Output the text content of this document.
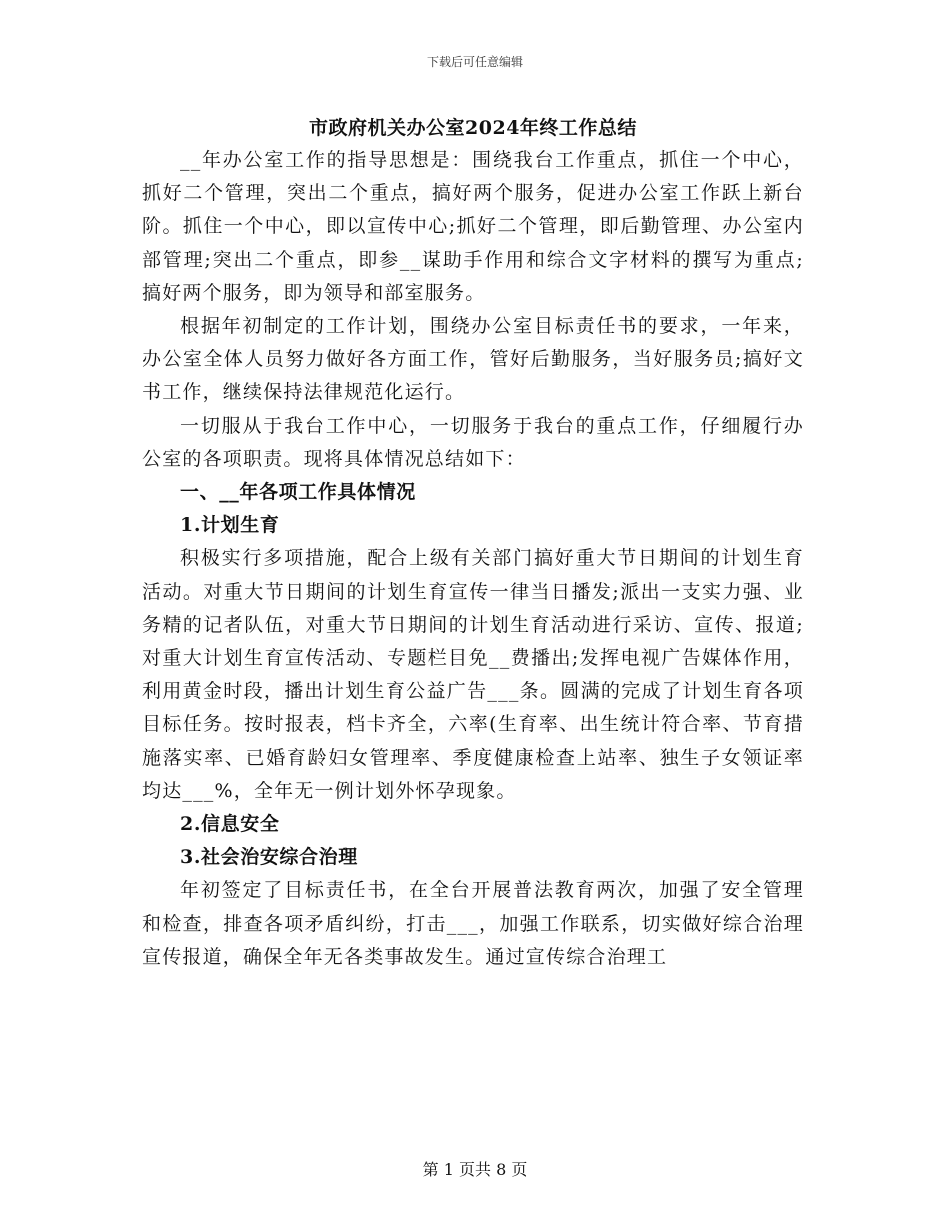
下载后可任意编辑
市政府机关办公室2024年终工作总结

__年办公室工作的指导思想是：围绕我台工作重点，抓住一个中心，抓好二个管理，突出二个重点，搞好两个服务，促进办公室工作跃上新台阶。抓住一个中心，即以宣传中心;抓好二个管理，即后勤管理、办公室内部管理;突出二个重点，即参__谋助手作用和综合文字材料的撰写为重点;搞好两个服务，即为领导和部室服务。

根据年初制定的工作计划，围绕办公室目标责任书的要求，一年来，办公室全体人员努力做好各方面工作，管好后勤服务，当好服务员;搞好文书工作，继续保持法律规范化运行。

一切服从于我台工作中心，一切服务于我台的重点工作，仔细履行办公室的各项职责。现将具体情况总结如下：

一、__年各项工作具体情况

1.计划生育

积极实行多项措施，配合上级有关部门搞好重大节日期间的计划生育活动。对重大节日期间的计划生育宣传一律当日播发;派出一支实力强、业务精的记者队伍，对重大节日期间的计划生育活动进行采访、宣传、报道;对重大计划生育宣传活动、专题栏目免__费播出;发挥电视广告媒体作用，利用黄金时段，播出计划生育公益广告___条。圆满的完成了计划生育各项目标任务。按时报表，档卡齐全，六率(生育率、出生统计符合率、节育措施落实率、已婚育龄妇女管理率、季度健康检查上站率、独生子女领证率均达___%，全年无一例计划外怀孕现象。

2.信息安全

3.社会治安综合治理

年初签定了目标责任书，在全台开展普法教育两次，加强了安全管理和检查，排查各项矛盾纠纷，打击___，加强工作联系，切实做好综合治理宣传报道，确保全年无各类事故发生。通过宣传综合治理工

第 1 页共 8 页
